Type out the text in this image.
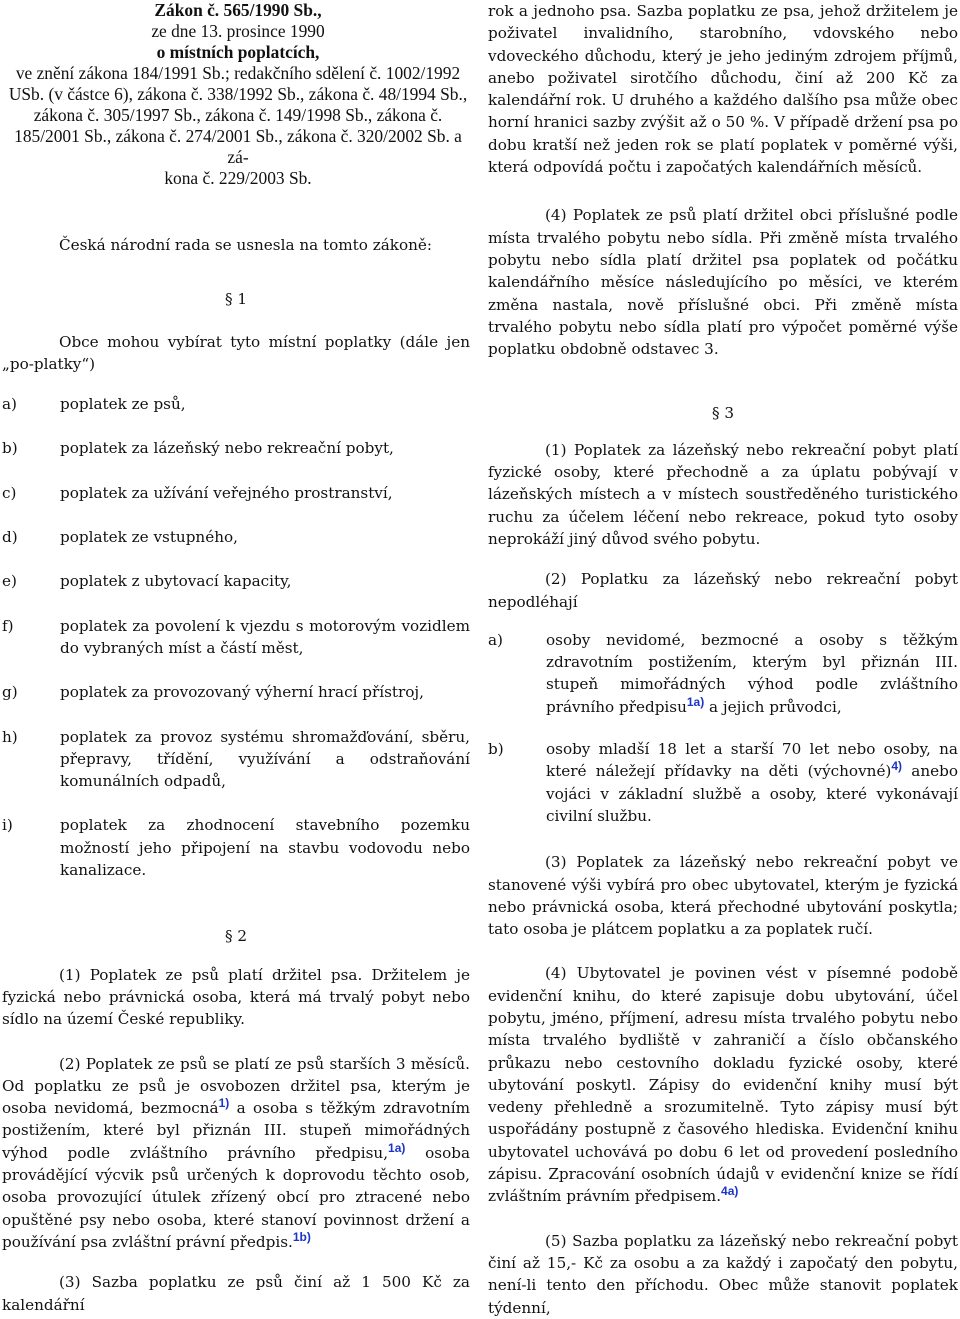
Zákon č. 565/1990 Sb.,
ze dne 13. prosince 1990
o místních poplatcích,
ve znění zákona 184/1991 Sb.; redakčního sdělení č. 1002/1992
USb. (v částce 6), zákona č. 338/1992 Sb., zákona č. 48/1994 Sb.,
zákona č. 305/1997 Sb., zákona č. 149/1998 Sb., zákona č.
185/2001 Sb., zákona č. 274/2001 Sb., zákona č. 320/2002 Sb. a zá-
kona č. 229/2003 Sb.

Česká národní rada se usnesla na tomto zákoně:

§ 1

Obce mohou vybírat tyto místní poplatky (dále jen „po-platky“)

a)	poplatek ze psů,
b)	poplatek za lázeňský nebo rekreační pobyt,
c)	poplatek za užívání veřejného prostranství,
d)	poplatek ze vstupného,
e)	poplatek z ubytovací kapacity,
f)	poplatek za povolení k vjezdu s motorovým vozidlem do vybraných míst a částí měst,
g)	poplatek za provozovaný výherní hrací přístroj,
h)	poplatek za provoz systému shromažďování, sběru, přepravy, třídění, využívání a odstraňování komunálních odpadů,
i)	poplatek za zhodnocení stavebního pozemku možností jeho připojení na stavbu vodovodu nebo kanalizace.

§ 2

(1) Poplatek ze psů platí držitel psa. Držitelem je fyzická nebo právnická osoba, která má trvalý pobyt nebo sídlo na území České republiky.

(2) Poplatek ze psů se platí ze psů starších 3 měsíců. Od poplatku ze psů je osvobozen držitel psa, kterým je osoba nevidomá, bezmocná$^{1)}$ a osoba s těžkým zdravotním postižením, které byl přiznán III. stupeň mimořádných výhod podle zvláštního právního předpisu,$^{1a)}$ osoba provádějící výcvik psů určených k doprovodu těchto osob, osoba provozující útulek zřízený obcí pro ztracené nebo opuštěné psy nebo osoba, které stanoví povinnost držení a používání psa zvláštní právní předpis.$^{1b)}$

(3) Sazba poplatku ze psů činí až 1 500 Kč za kalendářní

rok a jednoho psa. Sazba poplatku ze psa, jehož držitelem je poživatel invalidního, starobního, vdovského nebo vdoveckého důchodu, který je jeho jediným zdrojem příjmů, anebo poživatel sirotčího důchodu, činí až 200 Kč za kalendářní rok. U druhého a každého dalšího psa může obec horní hranici sazby zvýšit až o 50 %. V případě držení psa po dobu kratší než jeden rok se platí poplatek v poměrné výši, která odpovídá počtu i započatých kalendářních měsíců.

(4) Poplatek ze psů platí držitel obci příslušné podle místa trvalého pobytu nebo sídla. Při změně místa trvalého pobytu nebo sídla platí držitel psa poplatek od počátku kalendářního měsíce následujícího po měsíci, ve kterém změna nastala, nově příslušné obci. Při změně místa trvalého pobytu nebo sídla platí pro výpočet poměrné výše poplatku obdobně odstavec 3.

§ 3

(1) Poplatek za lázeňský nebo rekreační pobyt platí fyzické osoby, které přechodně a za úplatu pobývají v lázeňských místech a v místech soustředěného turistického ruchu za účelem léčení nebo rekreace, pokud tyto osoby neprokáží jiný důvod svého pobytu.

(2) Poplatku za lázeňský nebo rekreační pobyt nepodléhají

a)	osoby nevidomé, bezmocné a osoby s těžkým zdravotním postižením, kterým byl přiznán III. stupeň mimořádných výhod podle zvláštního právního předpisu$^{1a)}$ a jejich průvodci,
b)	osoby mladší 18 let a starší 70 let nebo osoby, na které náležejí přídavky na děti (výchovné)$^{4)}$ anebo vojáci v základní službě a osoby, které vykonávají civilní službu.

(3) Poplatek za lázeňský nebo rekreační pobyt ve stanovené výši vybírá pro obec ubytovatel, kterým je fyzická nebo právnická osoba, která přechodné ubytování poskytla; tato osoba je plátcem poplatku a za poplatek ručí.

(4) Ubytovatel je povinen vést v písemné podobě evidenční knihu, do které zapisuje dobu ubytování, účel pobytu, jméno, příjmení, adresu místa trvalého pobytu nebo místa trvalého bydliště v zahraničí a číslo občanského průkazu nebo cestovního dokladu fyzické osoby, které ubytování poskytl. Zápisy do evidenční knihy musí být vedeny přehledně a srozumitelně. Tyto zápisy musí být uspořádány postupně z časového hlediska. Evidenční knihu ubytovatel uchovává po dobu 6 let od provedení posledního zápisu. Zpracování osobních údajů v evidenční knize se řídí zvláštním právním předpisem.$^{4a)}$

(5) Sazba poplatku za lázeňský nebo rekreační pobyt činí až 15,- Kč za osobu a za každý i započatý den pobytu, není-li tento den příchodu. Obec může stanovit poplatek týdenní,
